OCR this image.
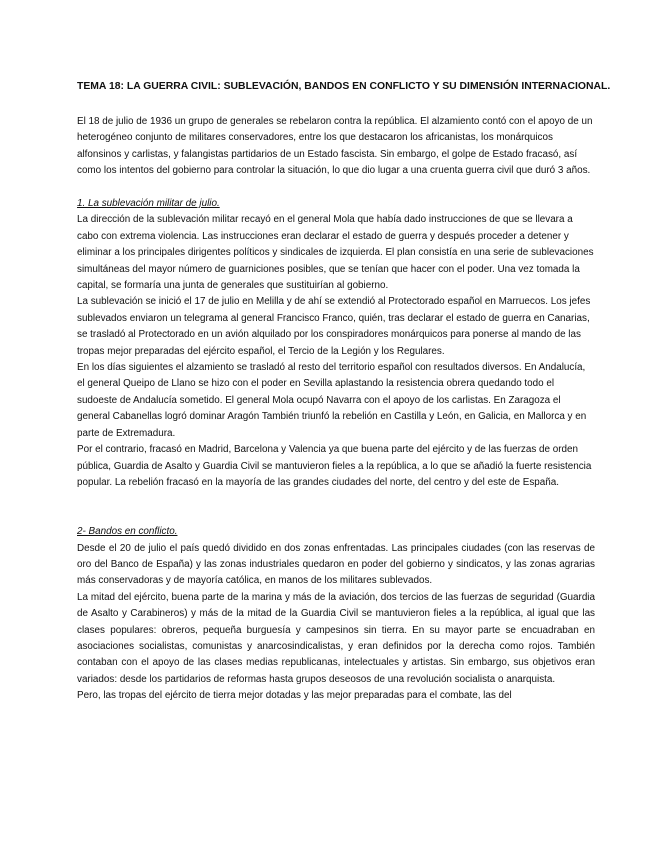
TEMA 18: LA GUERRA CIVIL: SUBLEVACIÓN, BANDOS EN CONFLICTO Y SU DIMENSIÓN INTERNACIONAL.

El 18 de julio de 1936 un grupo de generales se rebelaron contra la república. El alzamiento contó con el apoyo de un heterogéneo conjunto de militares conservadores, entre los que destacaron los africanistas, los monárquicos alfonsinos y carlistas, y falangistas partidarios de un Estado fascista. Sin embargo, el golpe de Estado fracasó, así como los intentos del gobierno para controlar la situación, lo que dio lugar a una cruenta guerra civil que duró 3 años.

1. La sublevación militar de julio.

La dirección de la sublevación militar recayó en el general Mola que había dado instrucciones de que se llevara a cabo con extrema violencia. Las instrucciones eran declarar el estado de guerra y después proceder a detener y eliminar a los principales dirigentes políticos y sindicales de izquierda. El plan consistía en una serie de sublevaciones simultáneas del mayor número de guarniciones posibles, que se tenían que hacer con el poder. Una vez tomada la capital, se formaría una junta de generales que sustituirían al gobierno.

La sublevación se inició el 17 de julio en Melilla y de ahí se extendió al Protectorado español en Marruecos. Los jefes sublevados enviaron un telegrama al general Francisco Franco, quién, tras declarar el estado de guerra en Canarias, se trasladó al Protectorado en un avión alquilado por los conspiradores monárquicos para ponerse al mando de las tropas mejor preparadas del ejército español, el Tercio de la Legión y los Regulares.

En los días siguientes el alzamiento se trasladó al resto del territorio español con resultados diversos. En Andalucía, el general Queipo de Llano se hizo con el poder en Sevilla aplastando la resistencia obrera quedando todo el sudoeste de Andalucía sometido. El general Mola ocupó Navarra con el apoyo de los carlistas. En Zaragoza el general Cabanellas logró dominar Aragón También triunfó la rebelión en Castilla y León, en Galicia, en Mallorca y en parte de Extremadura.

Por el contrario, fracasó en Madrid, Barcelona y Valencia ya que buena parte del ejército y de las fuerzas de orden pública, Guardia de Asalto y Guardia Civil se mantuvieron fieles a la república, a lo que se añadió la fuerte resistencia popular. La rebelión fracasó en la mayoría de las grandes ciudades del norte, del centro y del este de España.

2- Bandos en conflicto.

Desde el 20 de julio el país quedó dividido en dos zonas enfrentadas. Las principales ciudades (con las reservas de oro del Banco de España) y las zonas industriales quedaron en poder del gobierno y sindicatos, y las zonas agrarias más conservadoras y de mayoría católica, en manos de los militares sublevados.

La mitad del ejército, buena parte de la marina y más de la aviación, dos tercios de las fuerzas de seguridad (Guardia de Asalto y Carabineros) y más de la mitad de la Guardia Civil se mantuvieron fieles a la república, al igual que las clases populares: obreros, pequeña burguesía y campesinos sin tierra. En su mayor parte se encuadraban en asociaciones socialistas, comunistas y anarcosindicalistas, y eran definidos por la derecha como rojos. También contaban con el apoyo de las clases medias republicanas, intelectuales y artistas. Sin embargo, sus objetivos eran variados: desde los partidarios de reformas hasta grupos deseosos de una revolución socialista o anarquista.

Pero, las tropas del ejército de tierra mejor dotadas y las mejor preparadas para el combate, las del
